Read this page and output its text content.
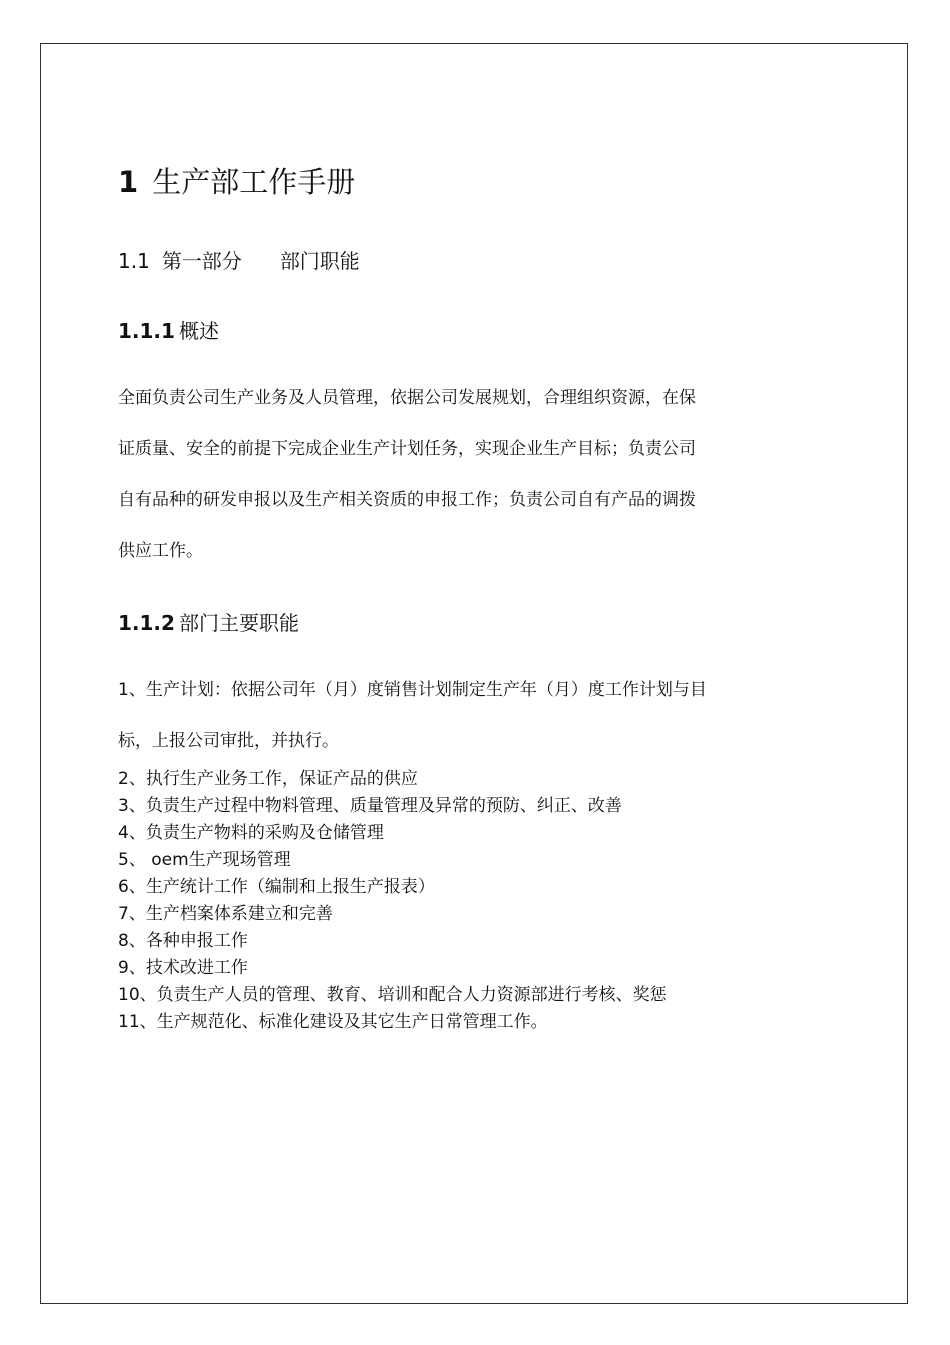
1 生产部工作手册
1.1 第一部分 部门职能
1.1.1 概述
全面负责公司生产业务及人员管理，依据公司发展规划，合理组织资源，在保
证质量、安全的前提下完成企业生产计划任务，实现企业生产目标；负责公司
自有品种的研发申报以及生产相关资质的申报工作；负责公司自有产品的调拨
供应工作。
1.1.2 部门主要职能
1、生产计划：依据公司年（月）度销售计划制定生产年（月）度工作计划与目
标，上报公司审批，并执行。
2、执行生产业务工作，保证产品的供应
3、负责生产过程中物料管理、质量管理及异常的预防、纠正、改善
4、负责生产物料的采购及仓储管理
5、 oem生产现场管理
6、生产统计工作（编制和上报生产报表）
7、生产档案体系建立和完善
8、各种申报工作
9、技术改进工作
10、负责生产人员的管理、教育、培训和配合人力资源部进行考核、奖惩
11、生产规范化、标准化建设及其它生产日常管理工作。
